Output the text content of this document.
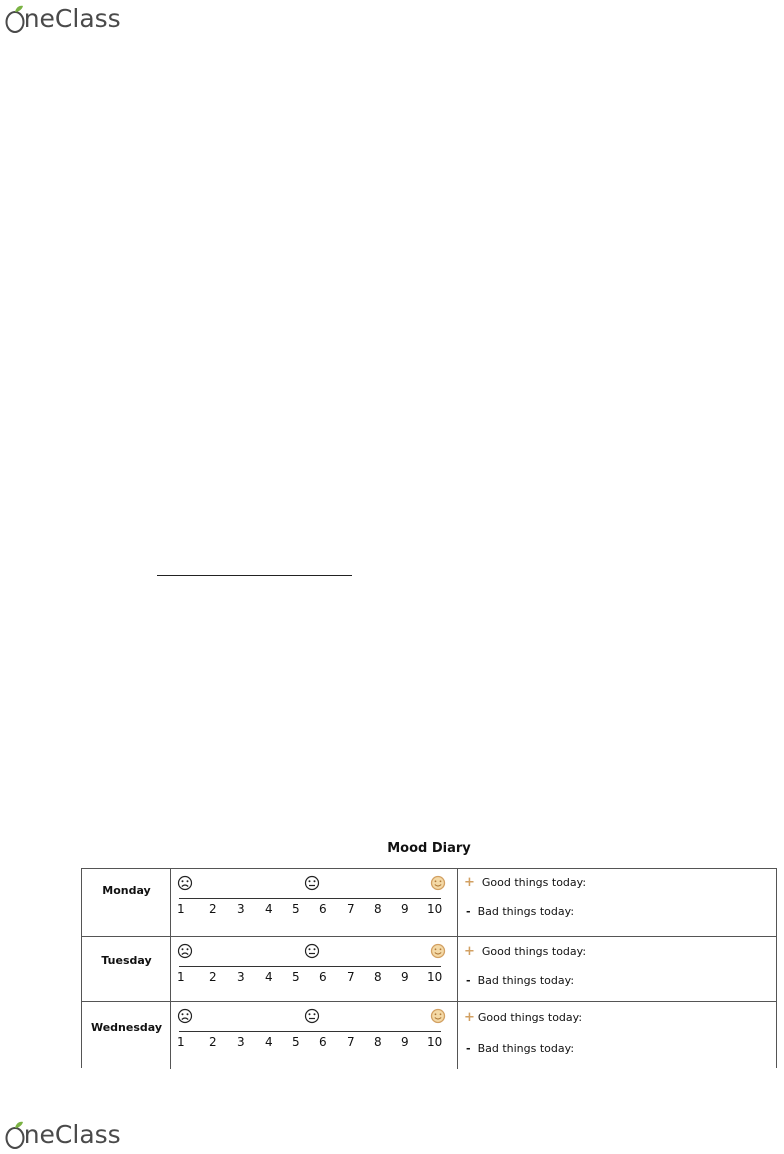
neClass
Mood Diary
Monday
1 2 3 4 5 6 7 8 9 10
+ Good things today:
- Bad things today:
Tuesday
1 2 3 4 5 6 7 8 9 10
+ Good things today:
- Bad things today:
Wednesday
1 2 3 4 5 6 7 8 9 10
+ Good things today:
- Bad things today:
neClass
